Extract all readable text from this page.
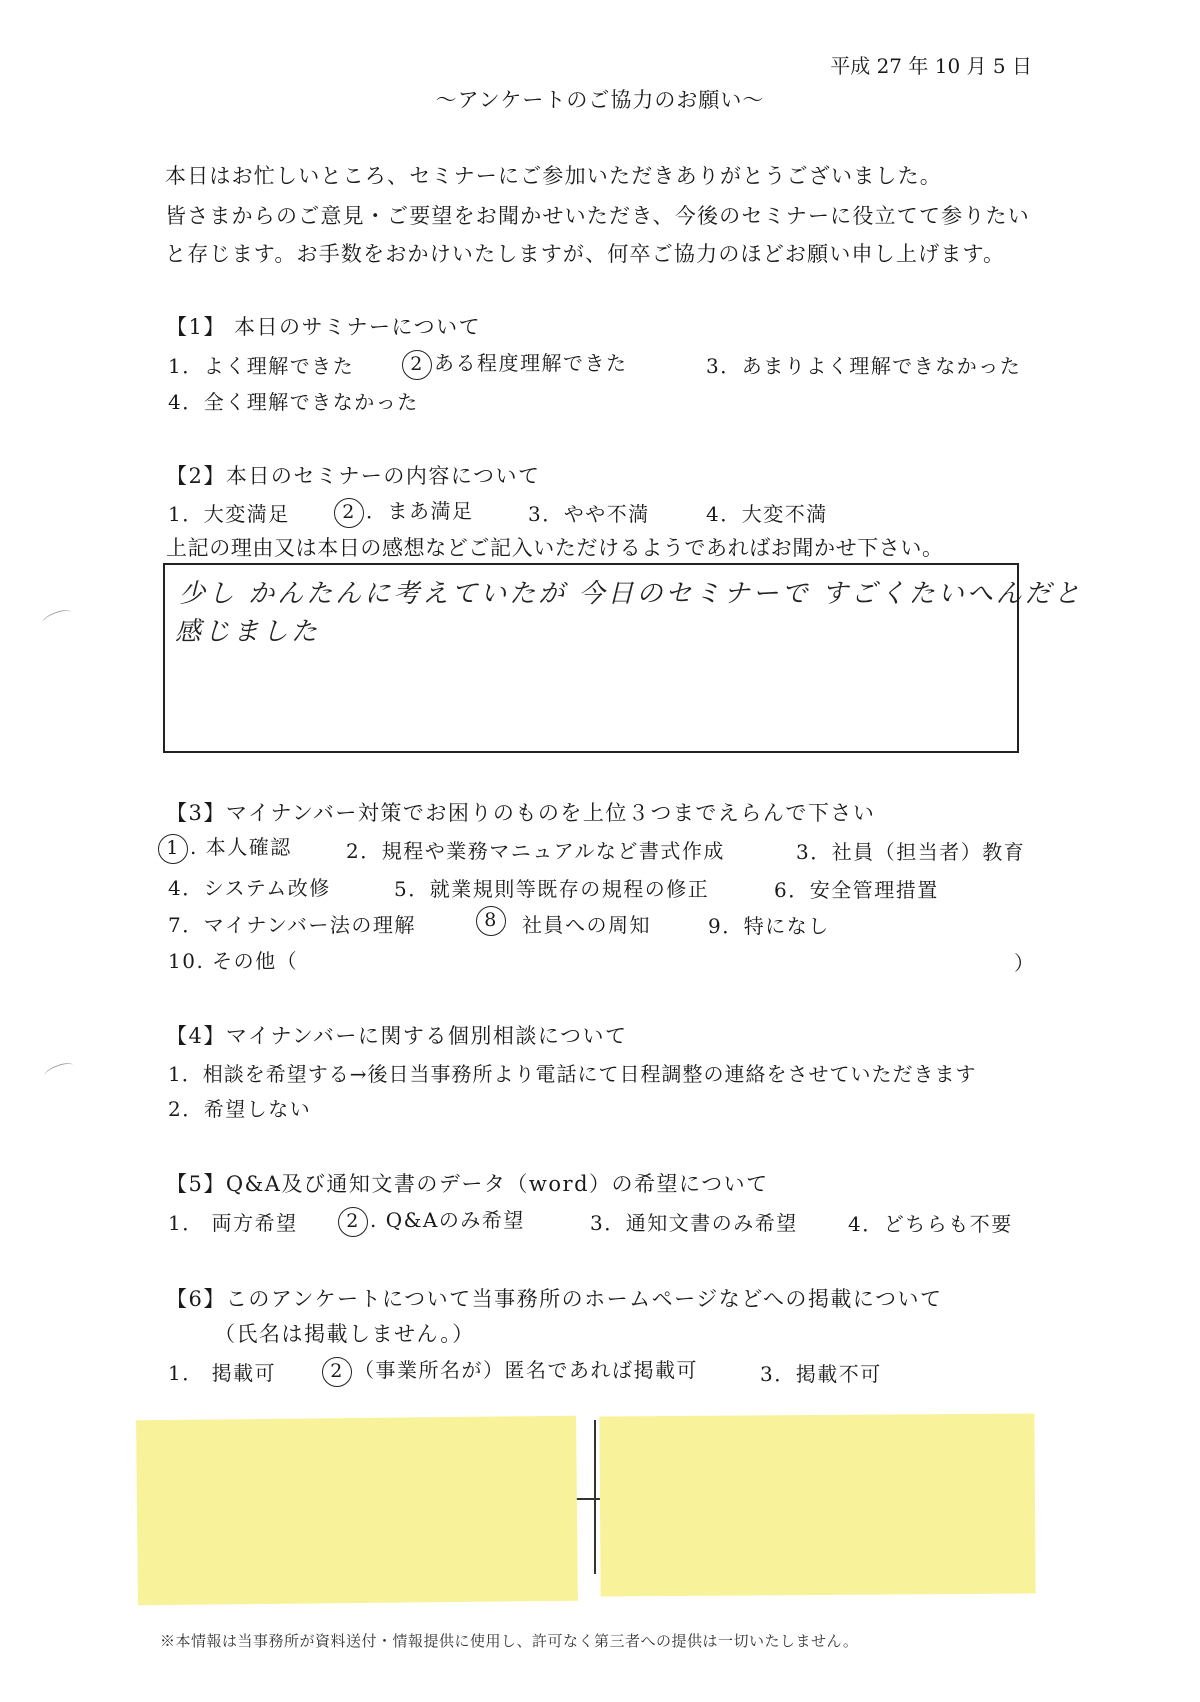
平成 27 年 10 月 5 日
～アンケートのご協力のお願い～
本日はお忙しいところ、セミナーにご参加いただきありがとうございました。
皆さまからのご意見・ご要望をお聞かせいただき、今後のセミナーに役立てて参りたい
と存じます。お手数をおかけいたしますが、何卒ご協力のほどお願い申し上げます。
【1】 本日のサミナーについて
1．よく理解できた	2 ある程度理解できた	3．あまりよく理解できなかった
4．全く理解できなかった
【2】本日のセミナーの内容について
1．大変満足	2 ．まあ満足	3．やや不満	4．大変不満
上記の理由又は本日の感想などご記入いただけるようであればお聞かせ下さい。
少し かんたんに考えていたが 今日のセミナーで すごくたいへんだと
感じました
【3】マイナンバー対策でお困りのものを上位３つまでえらんで下さい
1 . 本人確認	2．規程や業務マニュアルなど書式作成	3．社員（担当者）教育
4．システム改修	5．就業規則等既存の規程の修正	6．安全管理措置
7．マイナンバー法の理解	8	社員への周知	9．特になし
10. その他（	）
【4】マイナンバーに関する個別相談について
1．相談を希望する→後日当事務所より電話にて日程調整の連絡をさせていただきます
2．希望しない
【5】Q&A及び通知文書のデータ（word）の希望について
1． 両方希望	2 . Q&Aのみ希望	3．通知文書のみ希望	4．どちらも不要
【6】このアンケートについて当事務所のホームページなどへの掲載について
（氏名は掲載しません。）
1． 掲載可	2 （事業所名が）匿名であれば掲載可	3．掲載不可
※本情報は当事務所が資料送付・情報提供に使用し、許可なく第三者への提供は一切いたしません。
